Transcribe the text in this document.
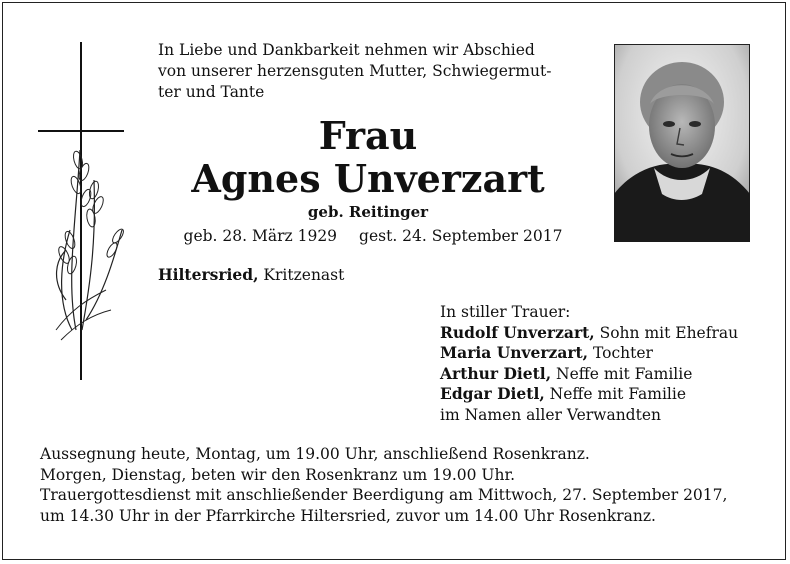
In Liebe und Dankbarkeit nehmen wir Abschied
von unserer herzensguten Mutter, Schwiegermut-
ter und Tante
Frau
Agnes Unverzart
geb. Reitinger
geb. 28. März 1929 gest. 24. September 2017
Hiltersried, Kritzenast
In stiller Trauer:
Rudolf Unverzart, Sohn mit Ehefrau
Maria Unverzart, Tochter
Arthur Dietl, Neffe mit Familie
Edgar Dietl, Neffe mit Familie
im Namen aller Verwandten
Aussegnung heute, Montag, um 19.00 Uhr, anschließend Rosenkranz.
Morgen, Dienstag, beten wir den Rosenkranz um 19.00 Uhr.
Trauergottesdienst mit anschließender Beerdigung am Mittwoch, 27. September 2017,
um 14.30 Uhr in der Pfarrkirche Hiltersried, zuvor um 14.00 Uhr Rosenkranz.
